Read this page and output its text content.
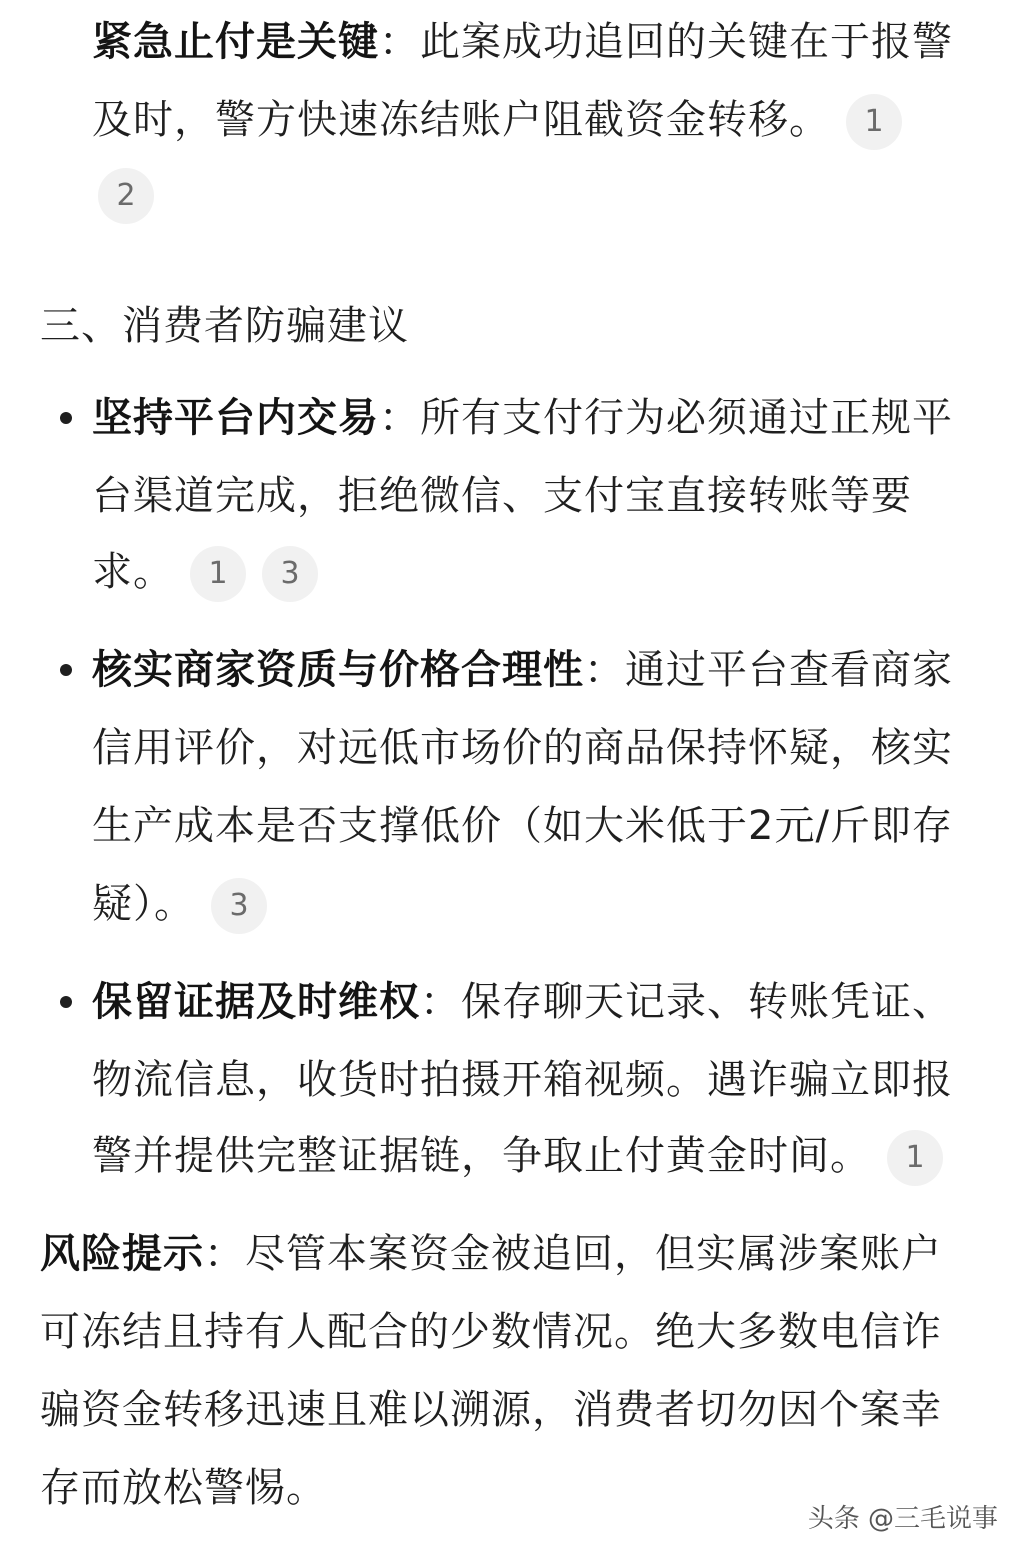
紧急止付是关键：此案成功追回的关键在于报警
及时，警方快速冻结账户阻截资金转移。 1
2
三、消费者防骗建议
坚持平台内交易：所有支付行为必须通过正规平
台渠道完成，拒绝微信、支付宝直接转账等要
求。 1 3
核实商家资质与价格合理性：通过平台查看商家
信用评价，对远低市场价的商品保持怀疑，核实
生产成本是否支撑低价（如大米低于2元/斤即存
疑）。 3
保留证据及时维权：保存聊天记录、转账凭证、
物流信息，收货时拍摄开箱视频。遇诈骗立即报
警并提供完整证据链，争取止付黄金时间。 1
风险提示：尽管本案资金被追回，但实属涉案账户
可冻结且持有人配合的少数情况。绝大多数电信诈
骗资金转移迅速且难以溯源，消费者切勿因个案幸
存而放松警惕。
头条 @三毛说事
